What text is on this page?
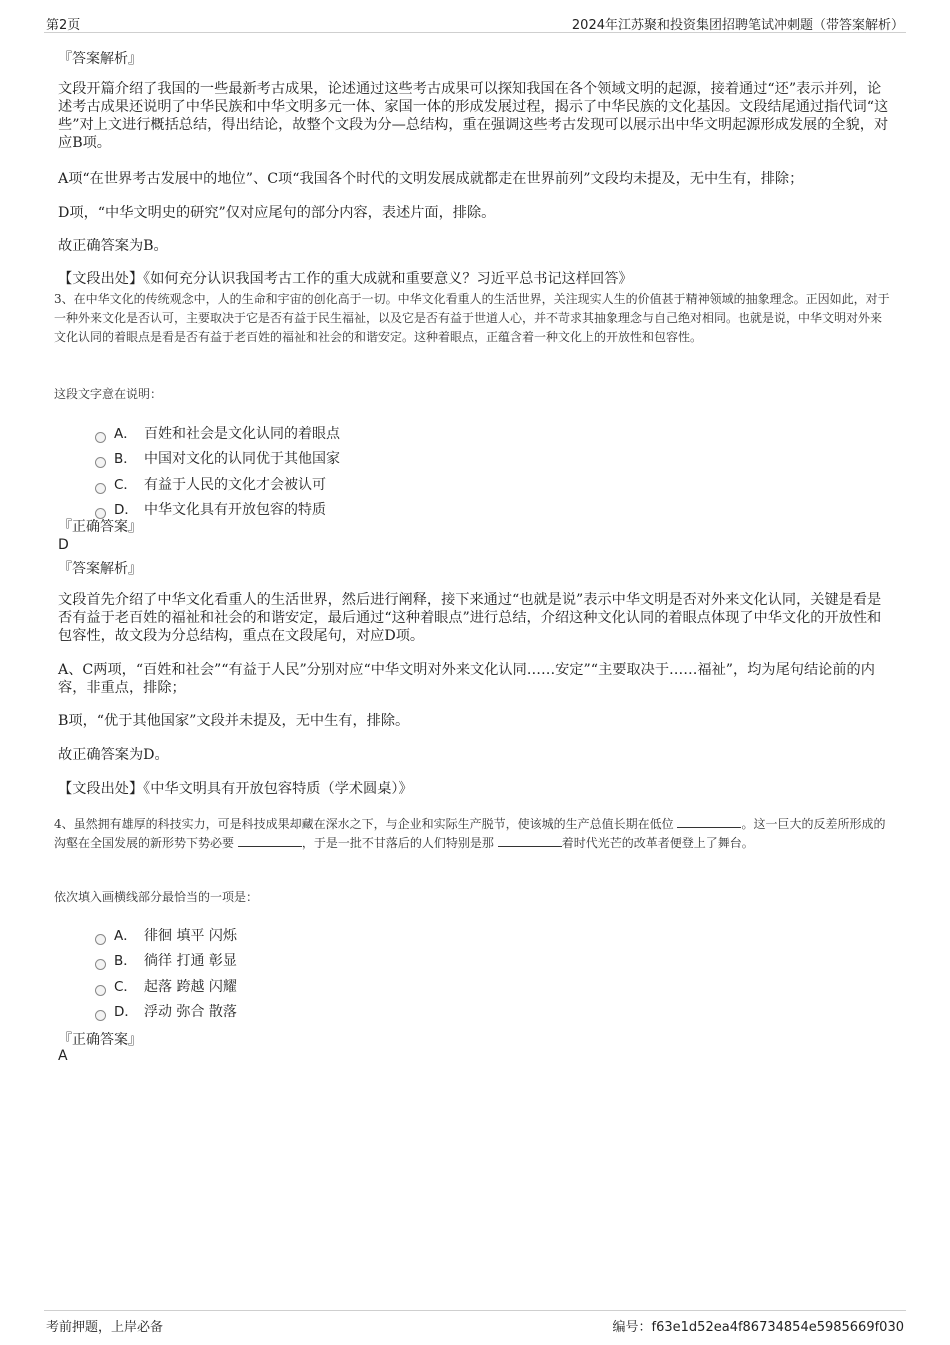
第2页	2024年江苏聚和投资集团招聘笔试冲刺题（带答案解析）
『答案解析』
文段开篇介绍了我国的一些最新考古成果，论述通过这些考古成果可以探知我国在各个领域文明的起源，接着通过“还”表示并列，论述考古成果还说明了中华民族和中华文明多元一体、家国一体的形成发展过程，揭示了中华民族的文化基因。文段结尾通过指代词“这些”对上文进行概括总结，得出结论，故整个文段为分—总结构，重在强调这些考古发现可以展示出中华文明起源形成发展的全貌，对应B项。
A项“在世界考古发展中的地位”、C项“我国各个时代的文明发展成就都走在世界前列”文段均未提及，无中生有，排除；
D项，“中华文明史的研究”仅对应尾句的部分内容，表述片面，排除。
故正确答案为B。
【文段出处】《如何充分认识我国考古工作的重大成就和重要意义？习近平总书记这样回答》
3、在中华文化的传统观念中，人的生命和宇宙的创化高于一切。中华文化看重人的生活世界，关注现实人生的价值甚于精神领域的抽象理念。正因如此，对于一种外来文化是否认可，主要取决于它是否有益于民生福祉，以及它是否有益于世道人心，并不苛求其抽象理念与自己绝对相同。也就是说，中华文明对外来文化认同的着眼点是看是否有益于老百姓的福祉和社会的和谐安定。这种着眼点，正蕴含着一种文化上的开放性和包容性。
这段文字意在说明：
A． 百姓和社会是文化认同的着眼点
B． 中国对文化的认同优于其他国家
C． 有益于人民的文化才会被认可
D． 中华文化具有开放包容的特质
『正确答案』
D
『答案解析』
文段首先介绍了中华文化看重人的生活世界，然后进行阐释，接下来通过“也就是说”表示中华文明是否对外来文化认同，关键是看是否有益于老百姓的福祉和社会的和谐安定，最后通过“这种着眼点”进行总结，介绍这种文化认同的着眼点体现了中华文化的开放性和包容性，故文段为分总结构，重点在文段尾句，对应D项。
A、C两项，“百姓和社会”“有益于人民”分别对应“中华文明对外来文化认同……安定”“主要取决于……福祉”，均为尾句结论前的内容，非重点，排除；
B项，“优于其他国家”文段并未提及，无中生有，排除。
故正确答案为D。
【文段出处】《中华文明具有开放包容特质（学术圆桌）》
4、虽然拥有雄厚的科技实力，可是科技成果却藏在深水之下，与企业和实际生产脱节，使该城的生产总值长期在低位	。这一巨大的反差所形成的沟壑在全国发展的新形势下势必要	，于是一批不甘落后的人们特别是那	着时代光芒的改革者便登上了舞台。
依次填入画横线部分最恰当的一项是：
A． 徘徊 填平 闪烁
B． 徜徉 打通 彰显
C． 起落 跨越 闪耀
D． 浮动 弥合 散落
『正确答案』
A
考前押题，上岸必备	编号：f63e1d52ea4f86734854e5985669f030
